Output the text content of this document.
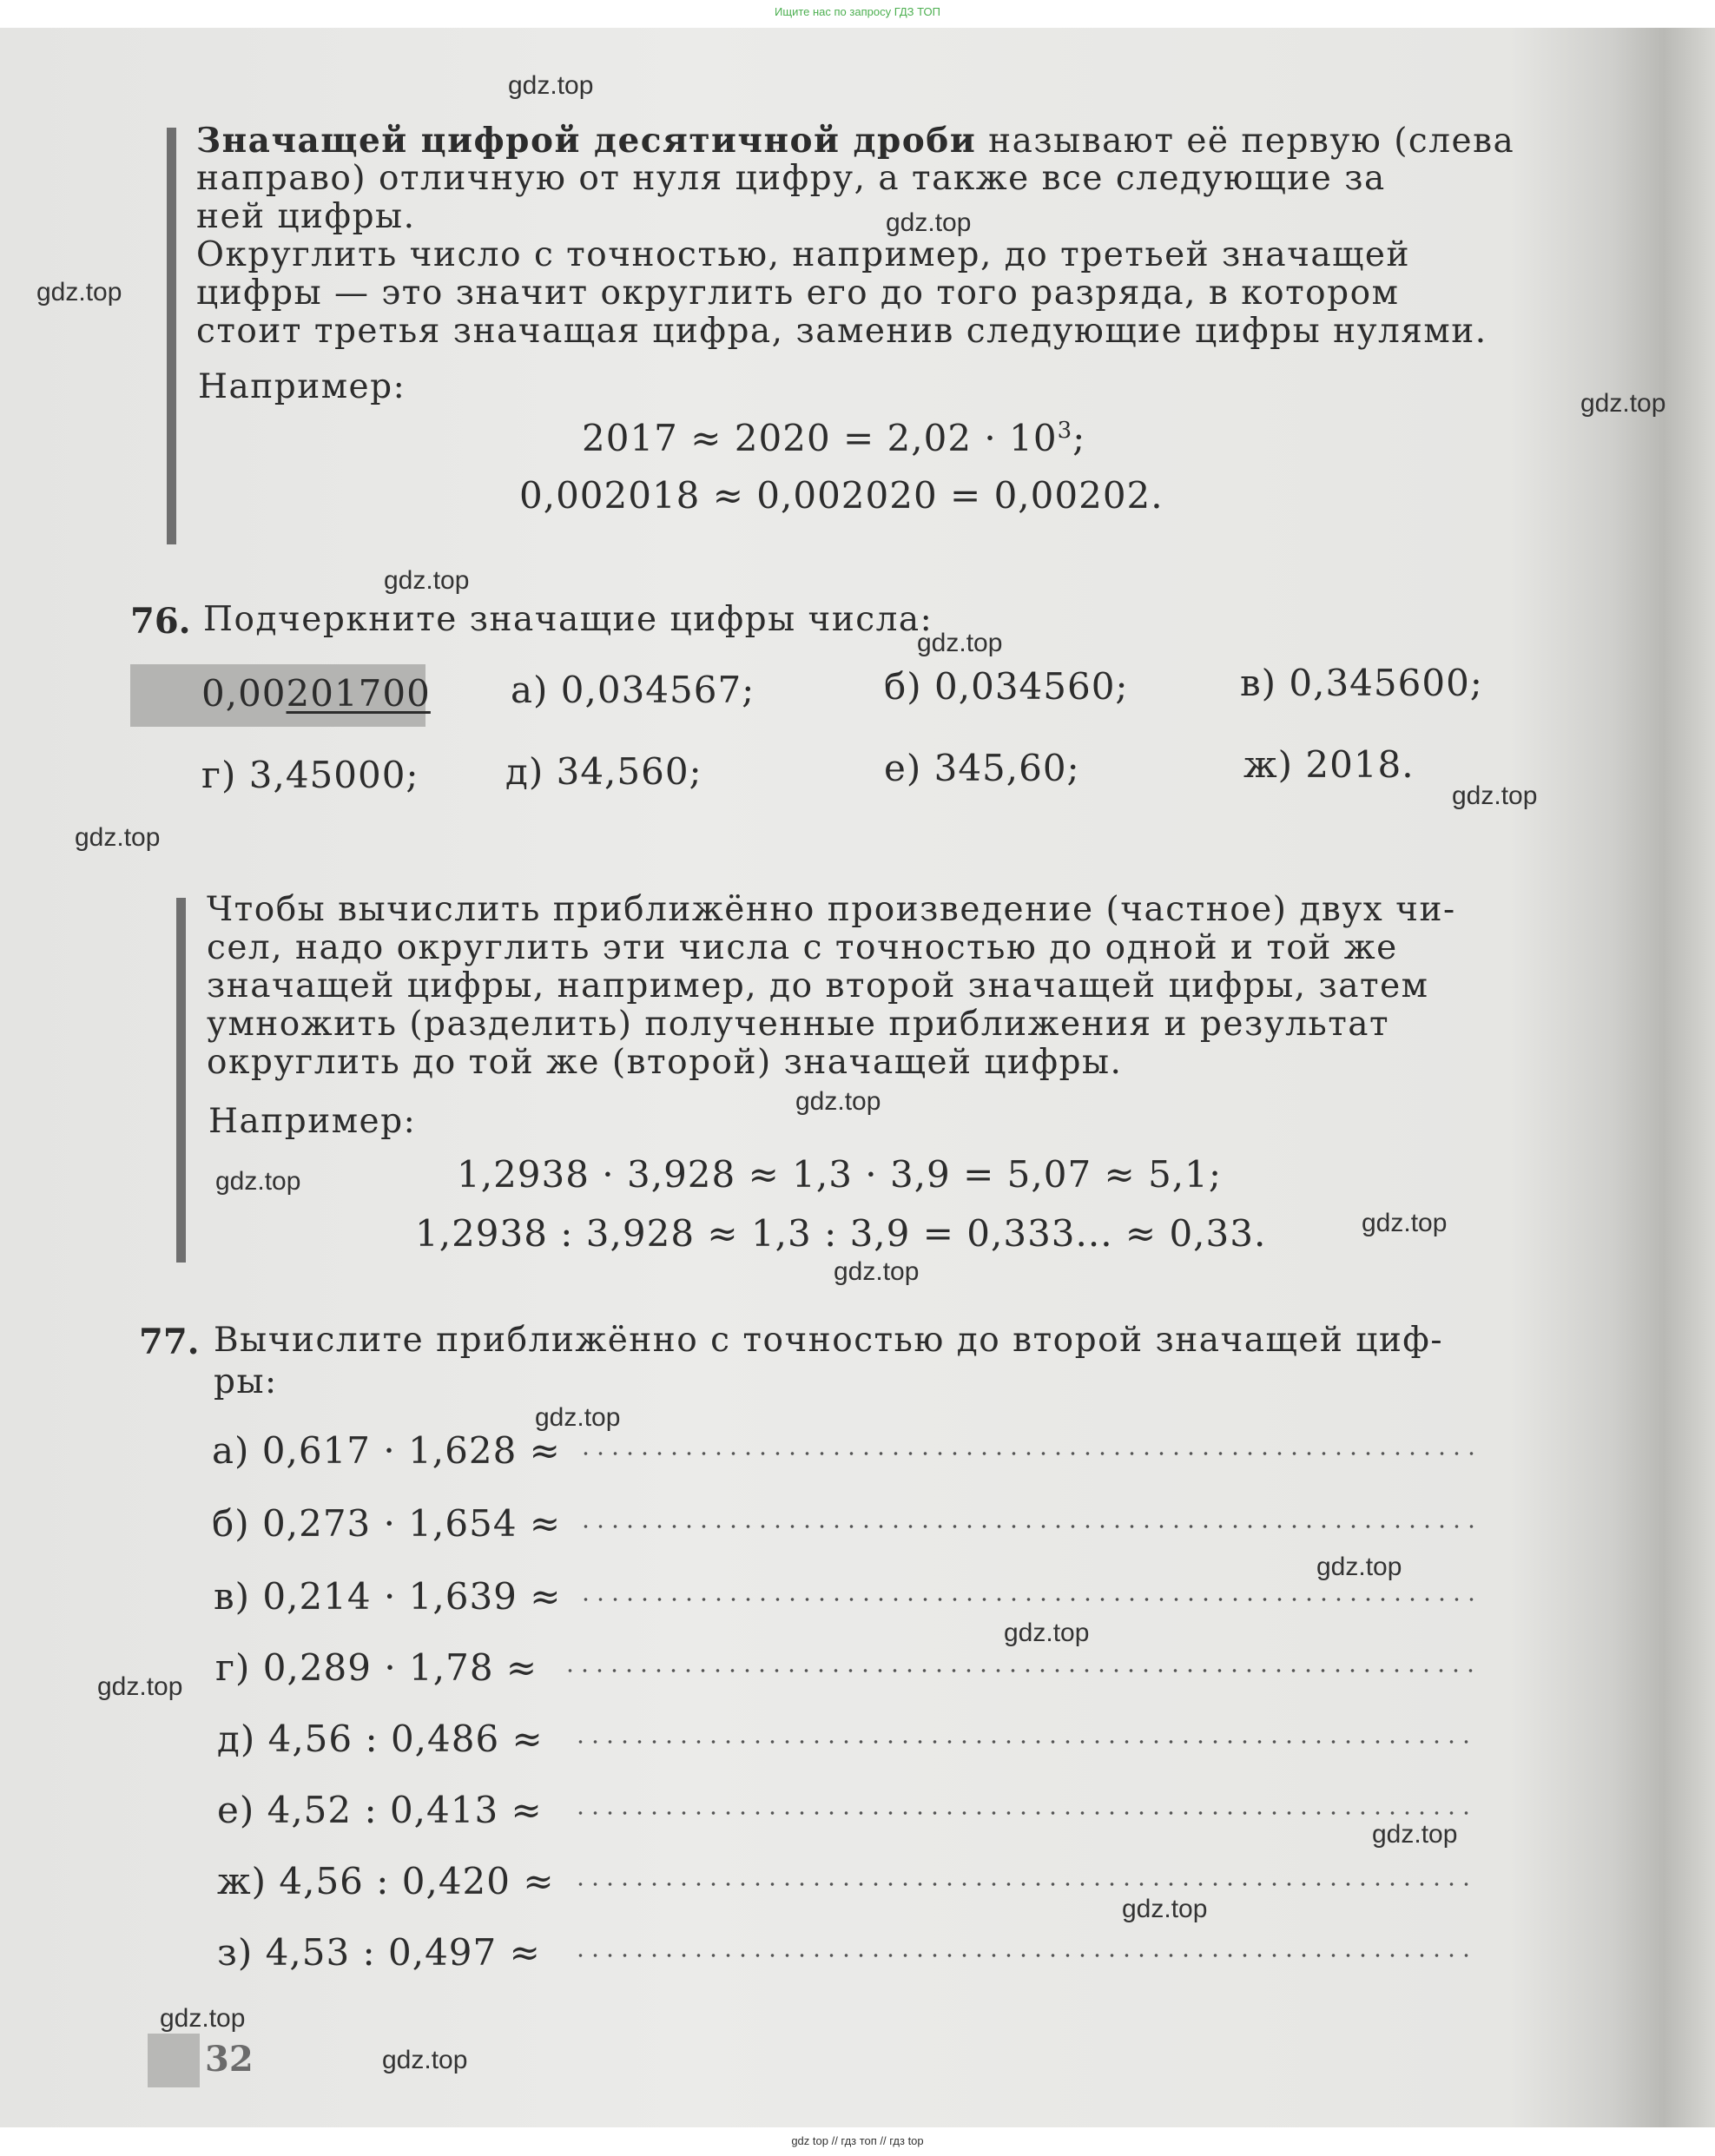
Ищите нас по запросу ГДЗ ТОП
Значащей цифрой десятичной дроби называют её первую (слева
направо) отличную от нуля цифру, а также все следующие за
ней цифры.
Округлить число с точностью, например, до третьей значащей
цифры — это значит округлить его до того разряда, в котором
стоит третья значащая цифра, заменив следующие цифры нулями.
Например:
$2017 \approx 2020 = 2,02 \cdot 10^3$;
0,002018 ≈ 0,002020 = 0,00202.
76. Подчеркните значащие цифры числа:
0,00201700 а) 0,034567;	б) 0,034560;	в) 0,345600;
г) 3,45000; д) 34,560;	е) 345,60;	ж) 2018.
Чтобы вычислить приближённо произведение (частное) двух чи-
сел, надо округлить эти числа с точностью до одной и той же
значащей цифры, например, до второй значащей цифры, затем
умножить (разделить) полученные приближения и результат
округлить до той же (второй) значащей цифры.
Например:
1,2938 · 3,928 ≈ 1,3 · 3,9 = 5,07 ≈ 5,1;
1,2938 : 3,928 ≈ 1,3 : 3,9 = 0,333... ≈ 0,33.
77. Вычислите приближённо с точностью до второй значащей циф-
ры:
а) 0,617 · 1,628 ≈
б) 0,273 · 1,654 ≈
в) 0,214 · 1,639 ≈
г) 0,289 · 1,78 ≈
д) 4,56 : 0,486 ≈
е) 4,52 : 0,413 ≈
ж) 4,56 : 0,420 ≈
з) 4,53 : 0,497 ≈
32
gdz.top
gdz.top
gdz.top
gdz.top
gdz.top
gdz.top
gdz.top
gdz.top
gdz.top
gdz.top
gdz.top
gdz.top
gdz.top
gdz.top
gdz.top
gdz.top
gdz.top
gdz.top
gdz.top
gdz.top
gdz top // гдз топ // гдз top
